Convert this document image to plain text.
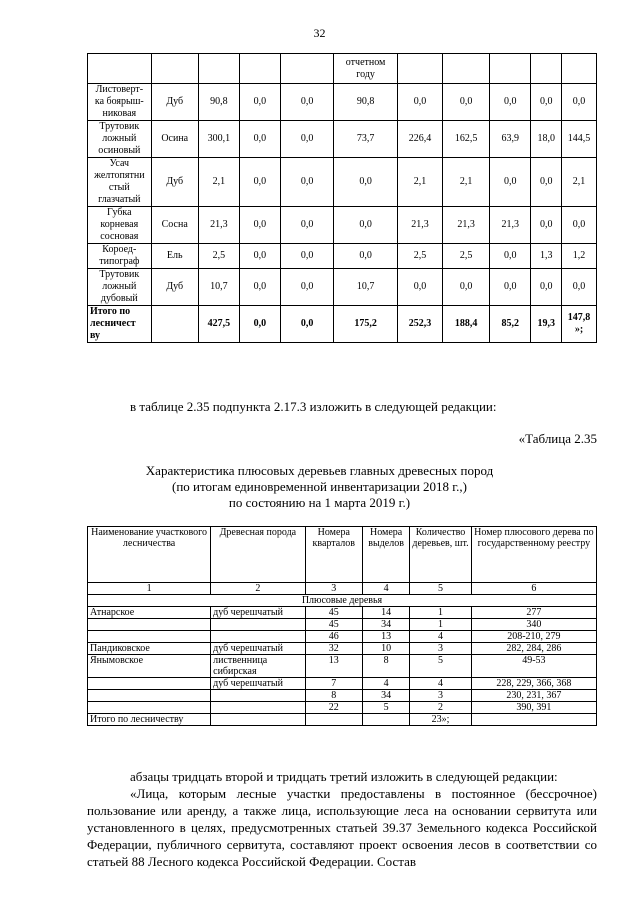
32
					отчетном
году					

Листоверт-
ка боярыш-
никовая	Дуб	90,8	0,0	0,0	90,8	0,0	0,0	0,0	0,0	0,0

Трутовик
ложный
осиновый	Осина	300,1	0,0	0,0	73,7	226,4	162,5	63,9	18,0	144,5

Усач
желтопятни
стый
глазчатый	Дуб	2,1	0,0	0,0	0,0	2,1	2,1	0,0	0,0	2,1

Губка
корневая
сосновая	Сосна	21,3	0,0	0,0	0,0	21,3	21,3	21,3	0,0	0,0

Короед-
типограф	Ель	2,5	0,0	0,0	0,0	2,5	2,5	0,0	1,3	1,2

Трутовик
ложный
дубовый	Дуб	10,7	0,0	0,0	10,7	0,0	0,0	0,0	0,0	0,0

Итого по
лесничест
ву		427,5	0,0	0,0	175,2	252,3	188,4	85,2	19,3	147,8 »;
в таблице 2.35 подпункта 2.17.3 изложить в следующей редакции:
«Таблица 2.35
Характеристика плюсовых деревьев главных древесных пород
(по итогам единовременной инвентаризации 2018 г.,)
по состоянию на 1 марта 2019 г.)
Наименование участкового лесничества	Древесная порода	Номера кварталов	Номера выделов	Количество деревьев, шт.	Номер плюсового дерева по государственному реестру
1	2	3	4	5	6
Плюсовые деревья					
Атнарское	дуб черешчатый	45	14	1	277
		45	34	1	340
		46	13	4	208-210, 279
Пандиковское	дуб черешчатый	32	10	3	282, 284, 286
Янымовское	лиственница сибирская	13	8	5	49-53
	дуб черешчатый	7	4	4	228, 229, 366, 368
		8	34	3	230, 231, 367
		22	5	2	390, 391
Итого по лесничеству				23»;	
абзацы тридцать второй и тридцать третий изложить в следующей редакции:
«Лица, которым лесные участки предоставлены в постоянное (бессрочное) пользование или аренду, а также лица, использующие леса на основании сервитута или установленного в целях, предусмотренных статьей 39.37 Земельного кодекса Российской Федерации, публичного сервитута, составляют проект освоения лесов в соответствии со статьей 88 Лесного кодекса Российской Федерации. Состав
